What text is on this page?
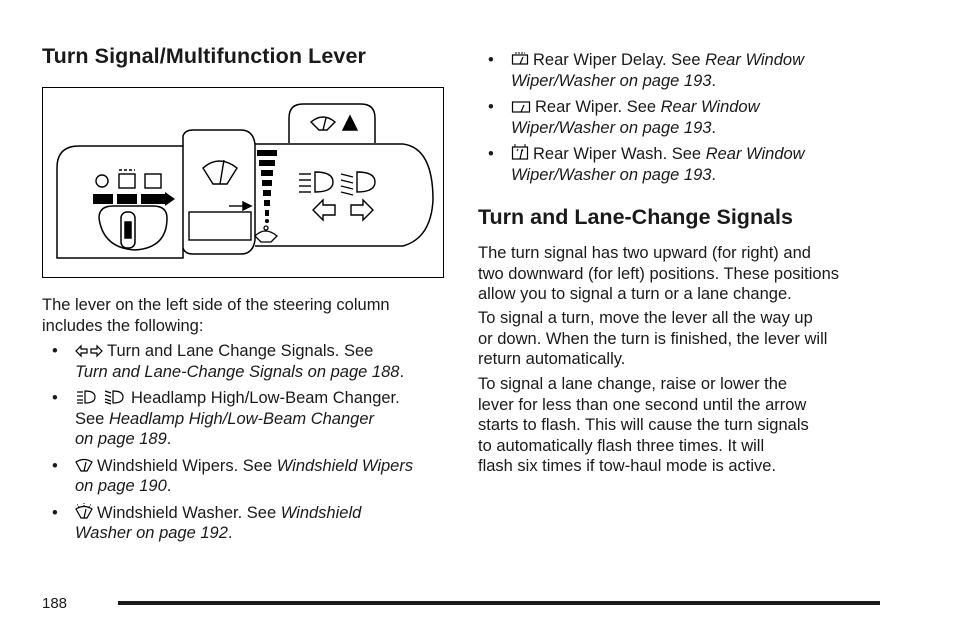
Turn Signal/Multifunction Lever
The lever on the left side of the steering column
includes the following:
•	Turn and Lane Change Signals. See
Turn and Lane-Change Signals on page 188.
•	Headlamp High/Low-Beam Changer.
See Headlamp High/Low-Beam Changer
on page 189.
•	Windshield Wipers. See Windshield Wipers
on page 190.
•	Windshield Washer. See Windshield
Washer on page 192.
•	Rear Wiper Delay. See Rear Window
Wiper/Washer on page 193.
•	Rear Wiper. See Rear Window
Wiper/Washer on page 193.
•	Rear Wiper Wash. See Rear Window
Wiper/Washer on page 193.
Turn and Lane-Change Signals
The turn signal has two upward (for right) and
two downward (for left) positions. These positions
allow you to signal a turn or a lane change.
To signal a turn, move the lever all the way up
or down. When the turn is finished, the lever will
return automatically.
To signal a lane change, raise or lower the
lever for less than one second until the arrow
starts to flash. This will cause the turn signals
to automatically flash three times. It will
flash six times if tow-haul mode is active.
188
